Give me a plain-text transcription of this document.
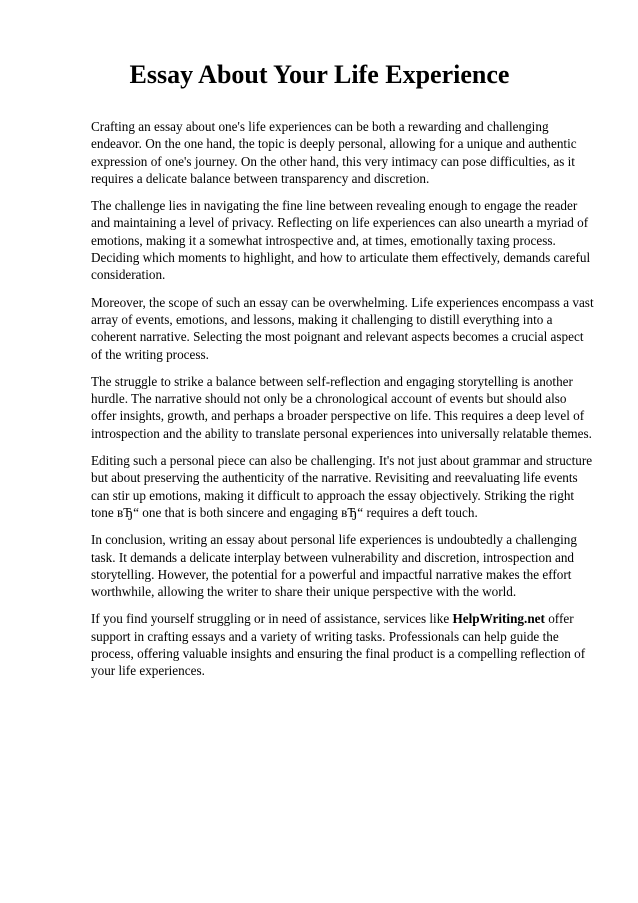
Essay About Your Life Experience

Crafting an essay about one's life experiences can be both a rewarding and challenging endeavor. On the one hand, the topic is deeply personal, allowing for a unique and authentic expression of one's journey. On the other hand, this very intimacy can pose difficulties, as it requires a delicate balance between transparency and discretion.

The challenge lies in navigating the fine line between revealing enough to engage the reader and maintaining a level of privacy. Reflecting on life experiences can also unearth a myriad of emotions, making it a somewhat introspective and, at times, emotionally taxing process. Deciding which moments to highlight, and how to articulate them effectively, demands careful consideration.

Moreover, the scope of such an essay can be overwhelming. Life experiences encompass a vast array of events, emotions, and lessons, making it challenging to distill everything into a coherent narrative. Selecting the most poignant and relevant aspects becomes a crucial aspect of the writing process.

The struggle to strike a balance between self-reflection and engaging storytelling is another hurdle. The narrative should not only be a chronological account of events but should also offer insights, growth, and perhaps a broader perspective on life. This requires a deep level of introspection and the ability to translate personal experiences into universally relatable themes.

Editing such a personal piece can also be challenging. It's not just about grammar and structure but about preserving the authenticity of the narrative. Revisiting and reevaluating life events can stir up emotions, making it difficult to approach the essay objectively. Striking the right tone вЂ“ one that is both sincere and engaging вЂ“ requires a deft touch.

In conclusion, writing an essay about personal life experiences is undoubtedly a challenging task. It demands a delicate interplay between vulnerability and discretion, introspection and storytelling. However, the potential for a powerful and impactful narrative makes the effort worthwhile, allowing the writer to share their unique perspective with the world.

If you find yourself struggling or in need of assistance, services like HelpWriting.net offer support in crafting essays and a variety of writing tasks. Professionals can help guide the process, offering valuable insights and ensuring the final product is a compelling reflection of your life experiences.
